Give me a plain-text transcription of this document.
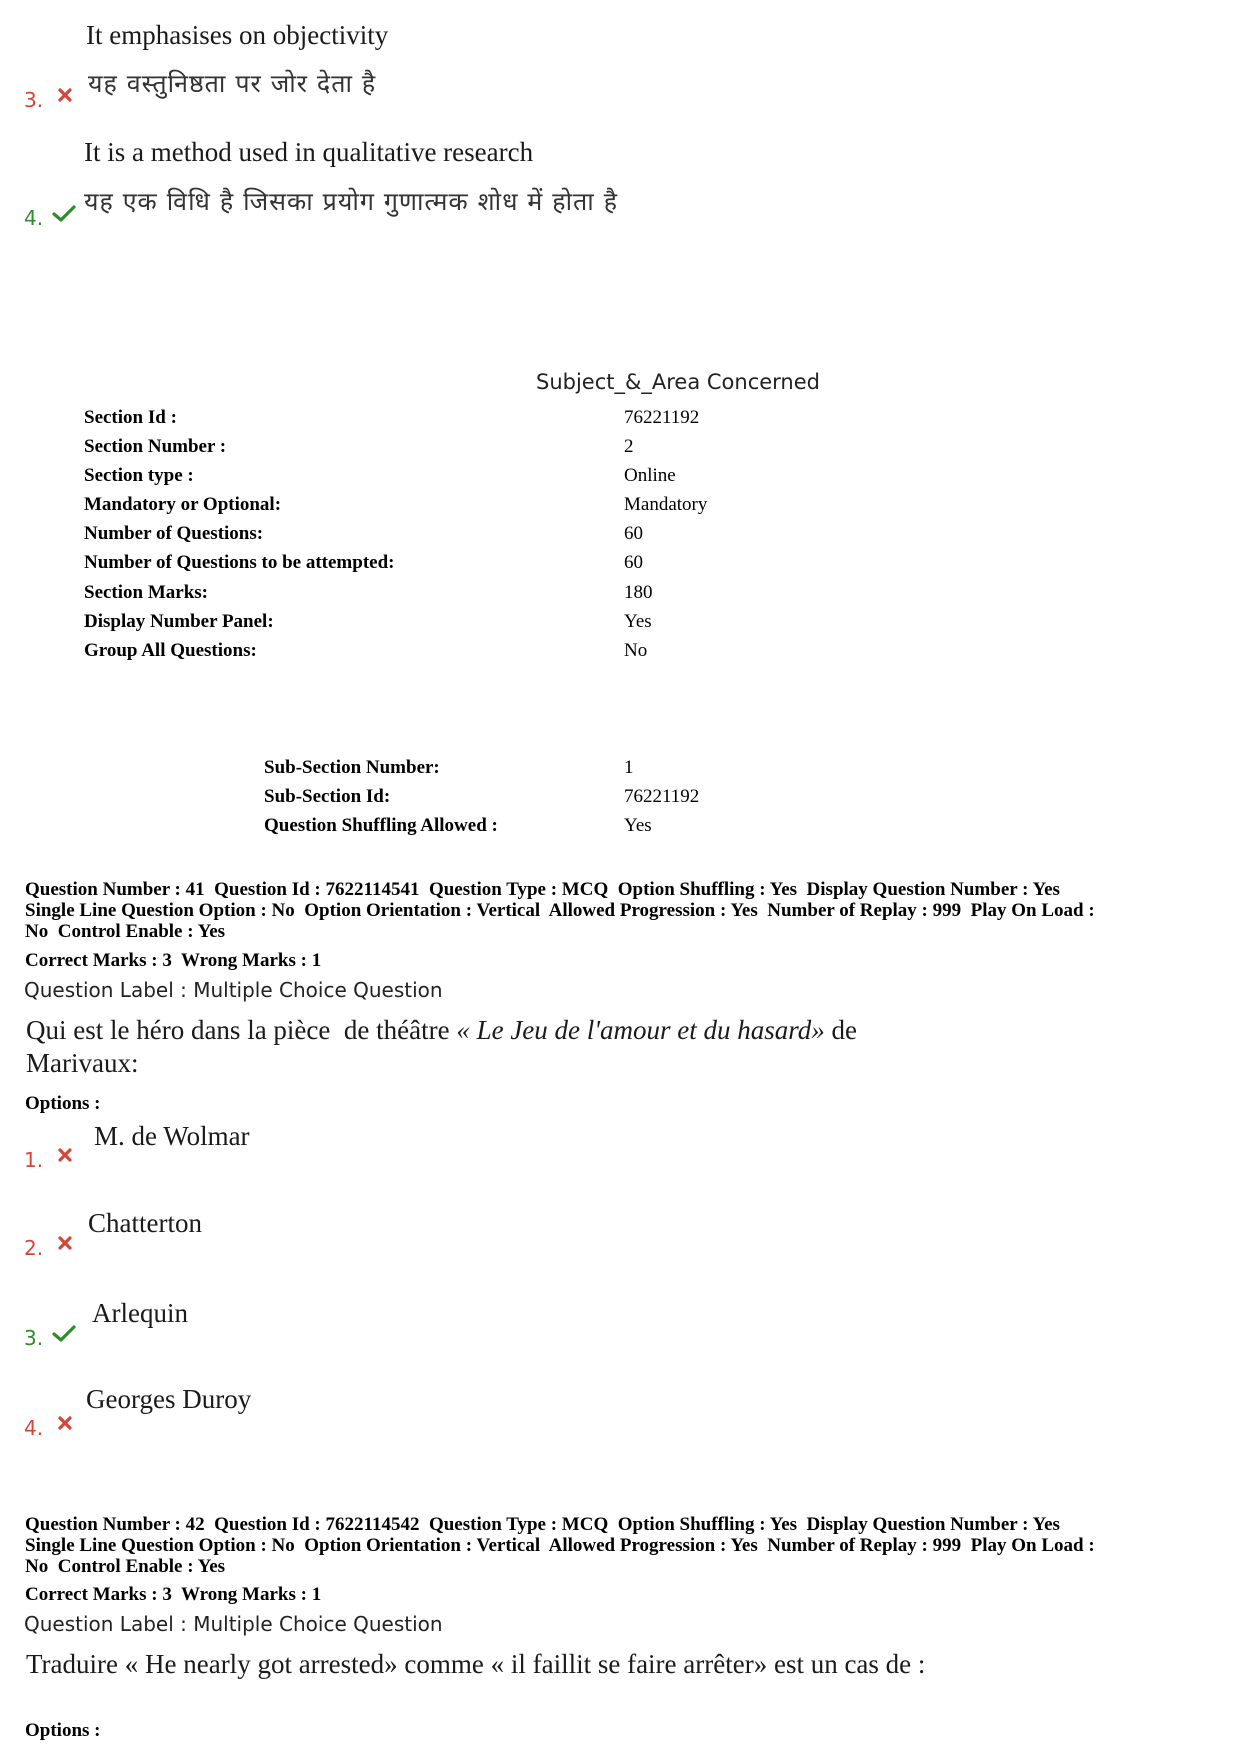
It emphasises on objectivity
यह वस्तुनिष्ठता पर जोर देता है
3.
It is a method used in qualitative research
यह एक विधि है जिसका प्रयोग गुणात्मक शोध में होता है
4.
Subject_&_Area Concerned
Section Id :	76221192
Section Number :	2
Section type :	Online
Mandatory or Optional:	Mandatory
Number of Questions:	60
Number of Questions to be attempted:	60
Section Marks:	180
Display Number Panel:	Yes
Group All Questions:	No
Sub-Section Number:	1
Sub-Section Id:	76221192
Question Shuffling Allowed :	Yes
Question Number : 41  Question Id : 7622114541  Question Type : MCQ  Option Shuffling : Yes  Display Question Number : Yes
Single Line Question Option : No  Option Orientation : Vertical  Allowed Progression : Yes  Number of Replay : 999  Play On Load :
No  Control Enable : Yes
Correct Marks : 3  Wrong Marks : 1
Question Label : Multiple Choice Question
Qui est le héro dans la pièce  de théâtre « Le Jeu de l'amour et du hasard» de
Marivaux:
Options :
1.
M. de Wolmar
2.
Chatterton
3.
Arlequin
4.
Georges Duroy
Question Number : 42  Question Id : 7622114542  Question Type : MCQ  Option Shuffling : Yes  Display Question Number : Yes
Single Line Question Option : No  Option Orientation : Vertical  Allowed Progression : Yes  Number of Replay : 999  Play On Load :
No  Control Enable : Yes
Correct Marks : 3  Wrong Marks : 1
Question Label : Multiple Choice Question
Traduire « He nearly got arrested» comme « il faillit se faire arrêter» est un cas de :
Options :
